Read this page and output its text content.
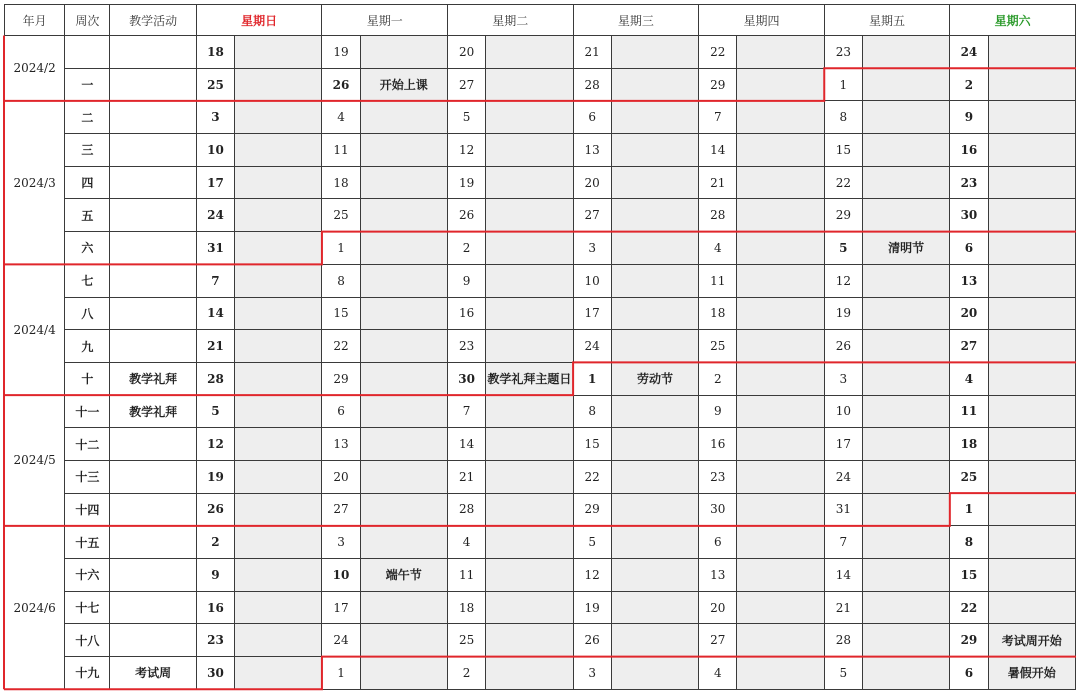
年月	周次	教学活动	星期日		星期一		星期二		星期三		星期四		星期五		星期六	
2024/2			18		19		20		21		22		23		24	
	一		25		26	开始上课	27		28		29		1		2	
2024/3	二		3		4		5		6		7		8		9	
	三		10		11		12		13		14		15		16	
	四		17		18		19		20		21		22		23	
	五		24		25		26		27		28		29		30	
	六		31		1		2		3		4		5	清明节	6	
2024/4	七		7		8		9		10		11		12		13	
	八		14		15		16		17		18		19		20	
	九		21		22		23		24		25		26		27	
	十	教学礼拜	28		29		30	教学礼拜主题日	1	劳动节	2		3		4	
2024/5	十一	教学礼拜	5		6		7		8		9		10		11	
	十二		12		13		14		15		16		17		18	
	十三		19		20		21		22		23		24		25	
	十四		26		27		28		29		30		31		1	
2024/6	十五		2		3		4		5		6		7		8	
	十六		9		10	端午节	11		12		13		14		15	
	十七		16		17		18		19		20		21		22	
	十八		23		24		25		26		27		28		29	考试周开始
	十九	考试周	30		1		2		3		4		5		6	暑假开始
